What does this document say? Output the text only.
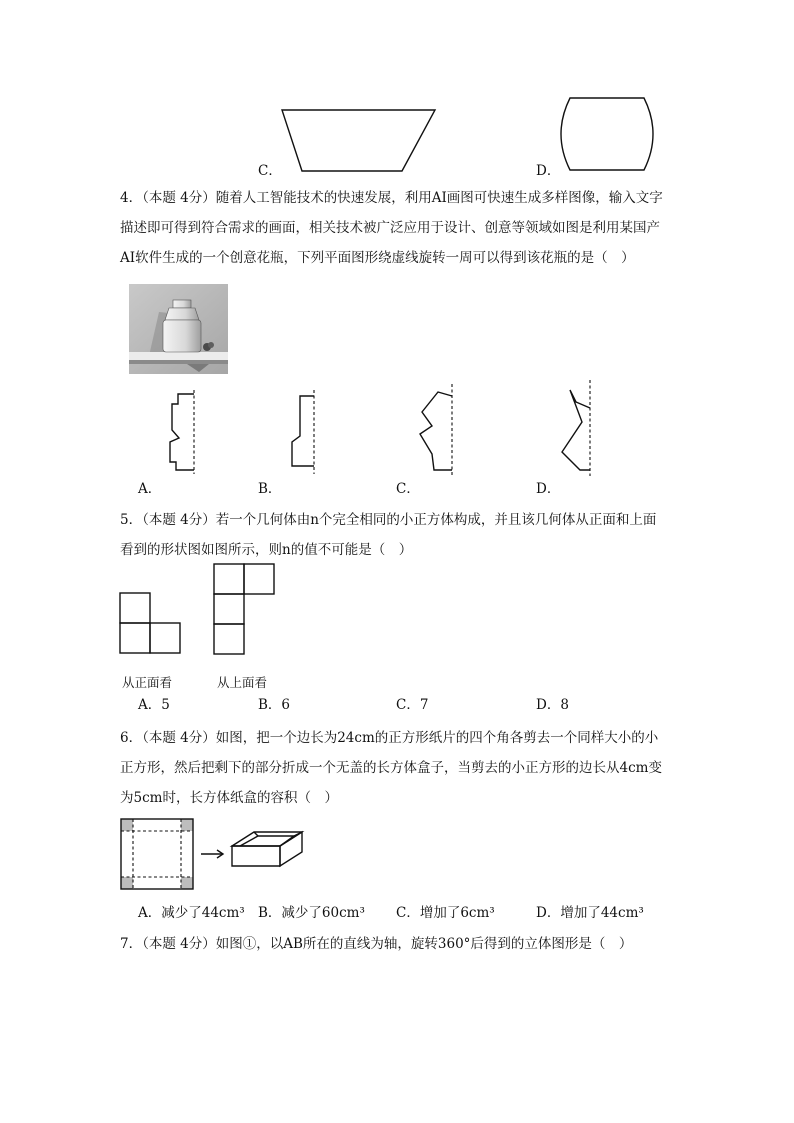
C．	D．
4．（本题 4分）随着人工智能技术的快速发展，利用AI画图可快速生成多样图像，输入文字
描述即可得到符合需求的画面，相关技术被广泛应用于设计、创意等领域如图是利用某国产
AI软件生成的一个创意花瓶，下列平面图形绕虚线旋转一周可以得到该花瓶的是（　）
A．	B．	C．	D．
5．（本题 4分）若一个几何体由n个完全相同的小正方体构成，并且该几何体从正面和上面
看到的形状图如图所示，则n的值不可能是（　）
从正面看	从上面看
A．5	B．6	C．7	D．8
6．（本题 4分）如图，把一个边长为24cm的正方形纸片的四个角各剪去一个同样大小的小
正方形，然后把剩下的部分折成一个无盖的长方体盒子，当剪去的小正方形的边长从4cm变
为5cm时，长方体纸盒的容积（　）
A．减少了44cm³ B．减少了60cm³ C．增加了6cm³	D．增加了44cm³
7．（本题 4分）如图①，以AB所在的直线为轴，旋转360°后得到的立体图形是（　）
